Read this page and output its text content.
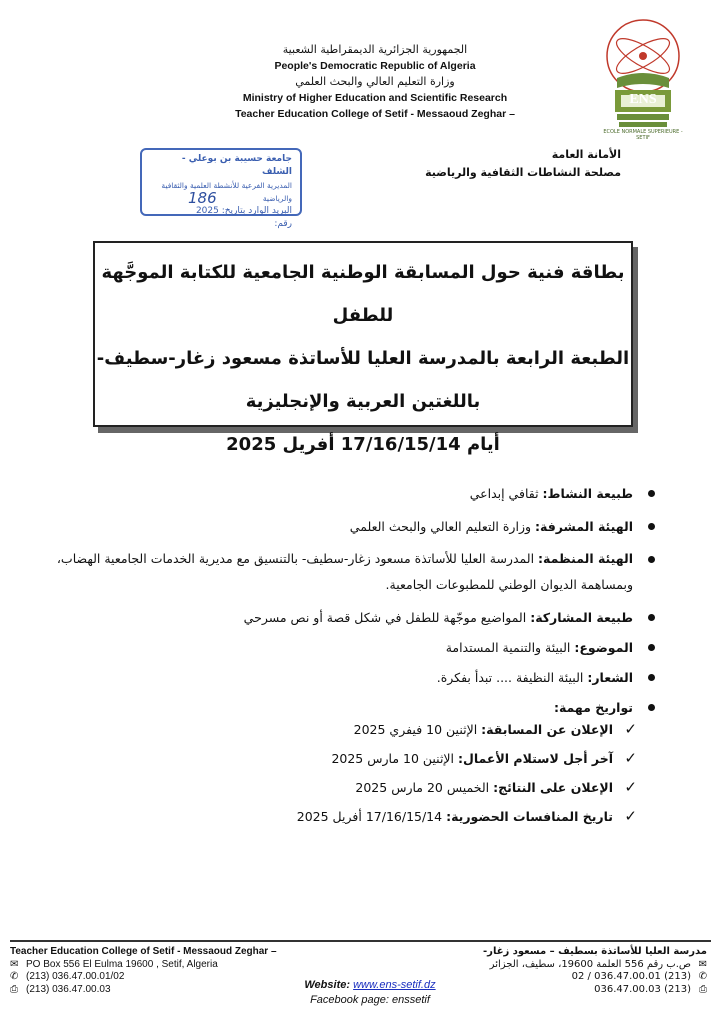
الجمهورية الجزائرية الديمقراطية الشعبية
People's Democratic Republic of Algeria
وزارة التعليم العالي والبحث العلمي
Ministry of Higher Education and Scientific Research
Teacher Education College of Setif - Messaoud Zeghar –
ENS
ECOLE NORMALE SUPERIEURE - SETIF
الأمانة العامة
مصلحة النشاطات الثقافية والرياضية
جامعة حسيبة بن بوعلي - الشلف
المديرية الفرعية للأنشطة العلمية والثقافية والرياضية
البريد الوارد بتاريخ: 2025
رقم:
186
بطاقة فنية حول المسابقة الوطنية الجامعية للكتابة الموجَّهة للطفل
الطبعة الرابعة بالمدرسة العليا للأساتذة مسعود زغار-سطيف-
باللغتين العربية والإنجليزية
أيام 17/16/15/14 أفريل 2025
طبيعة النشاط: ثقافي إبداعي
الهيئة المشرفة: وزارة التعليم العالي والبحث العلمي
الهيئة المنظمة: المدرسة العليا للأساتذة مسعود زغار-سطيف- بالتنسيق مع مديرية الخدمات الجامعية الهضاب، وبمساهمة الديوان الوطني للمطبوعات الجامعية.
طبيعة المشاركة: المواضيع موجّهة للطفل في شكل قصة أو نص مسرحي
الموضوع: البيئة والتنمية المستدامة
الشعار: البيئة النظيفة .... تبدأ بفكرة.
تواريخ مهمة:
✓
الإعلان عن المسابقة: الإثنين 10 فيفري 2025
✓
آخر أجل لاستلام الأعمال: الإثنين 10 مارس 2025
✓
الإعلان على النتائج: الخميس 20 مارس 2025
✓
تاريخ المنافسات الحضورية: 17/16/15/14 أفريل 2025
Teacher Education College of Setif - Messaoud Zeghar –
✉ PO Box 556 El Eulma 19600 , Setif, Algeria
✆ (213) 036.47.00.01/02
⎙ (213) 036.47.00.03	Website: www.ens-setif.dz
Facebook page: enssetif
مدرسة العليا للأساتذة بسطيف – مسعود زغار-
✉ص.ب رقم 556 العلمة 19600، سطيف، الجزائر
✆(213) 036.47.00.01 / 02
⎙(213) 036.47.00.03
